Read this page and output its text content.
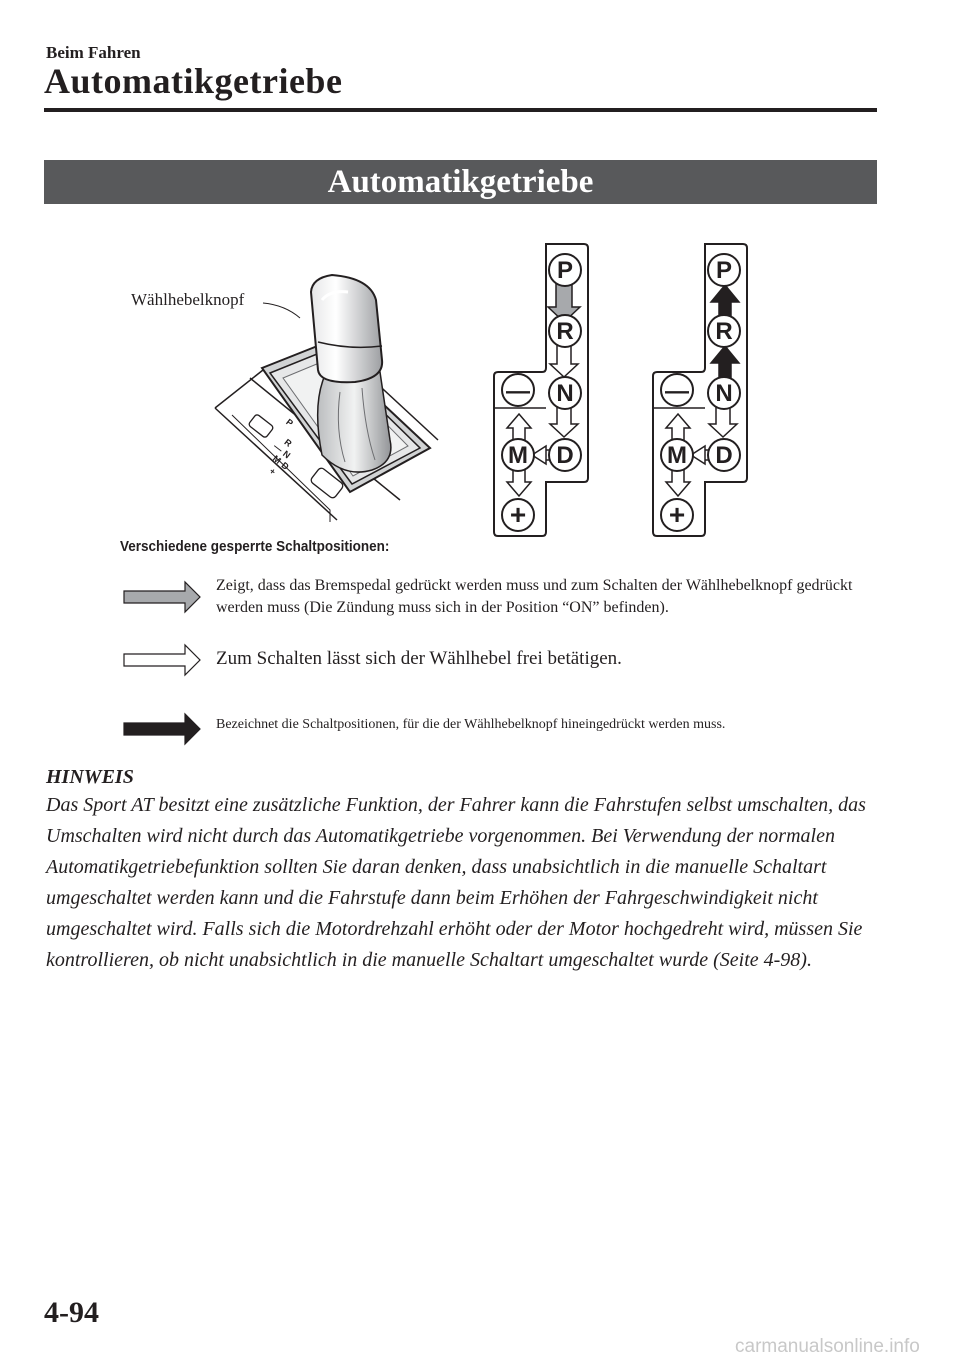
Beim Fahren
Automatikgetriebe
Automatikgetriebe
P
R
N
M
D
+
—
P
R
N
D
M
—
+
P
R
N
D
M
—
+
Wählhebelknopf
Verschiedene gesperrte Schaltpositionen:
Zeigt, dass das Bremspedal gedrückt werden muss und zum Schalten der Wählhebelknopf gedrückt werden muss (Die Zündung muss sich in der Position “ON” befinden).
Zum Schalten lässt sich der Wählhebel frei betätigen.
Bezeichnet die Schaltpositionen, für die der Wählhebelknopf hineingedrückt werden muss.
HINWEIS

Das Sport AT besitzt eine zusätzliche Funktion, der Fahrer kann die Fahrstufen selbst umschalten, das Umschalten wird nicht durch das Automatikgetriebe vorgenommen. Bei Verwendung der normalen Automatikgetriebefunktion sollten Sie daran denken, dass unabsichtlich in die manuelle Schaltart umgeschaltet werden kann und die Fahrstufe dann beim Erhöhen der Fahrgeschwindigkeit nicht umgeschaltet wird. Falls sich die Motordrehzahl erhöht oder der Motor hochgedreht wird, müssen Sie kontrollieren, ob nicht unabsichtlich in die manuelle Schaltart umgeschaltet wurde (Seite 4-98).

4-94
carmanualsonline.info
